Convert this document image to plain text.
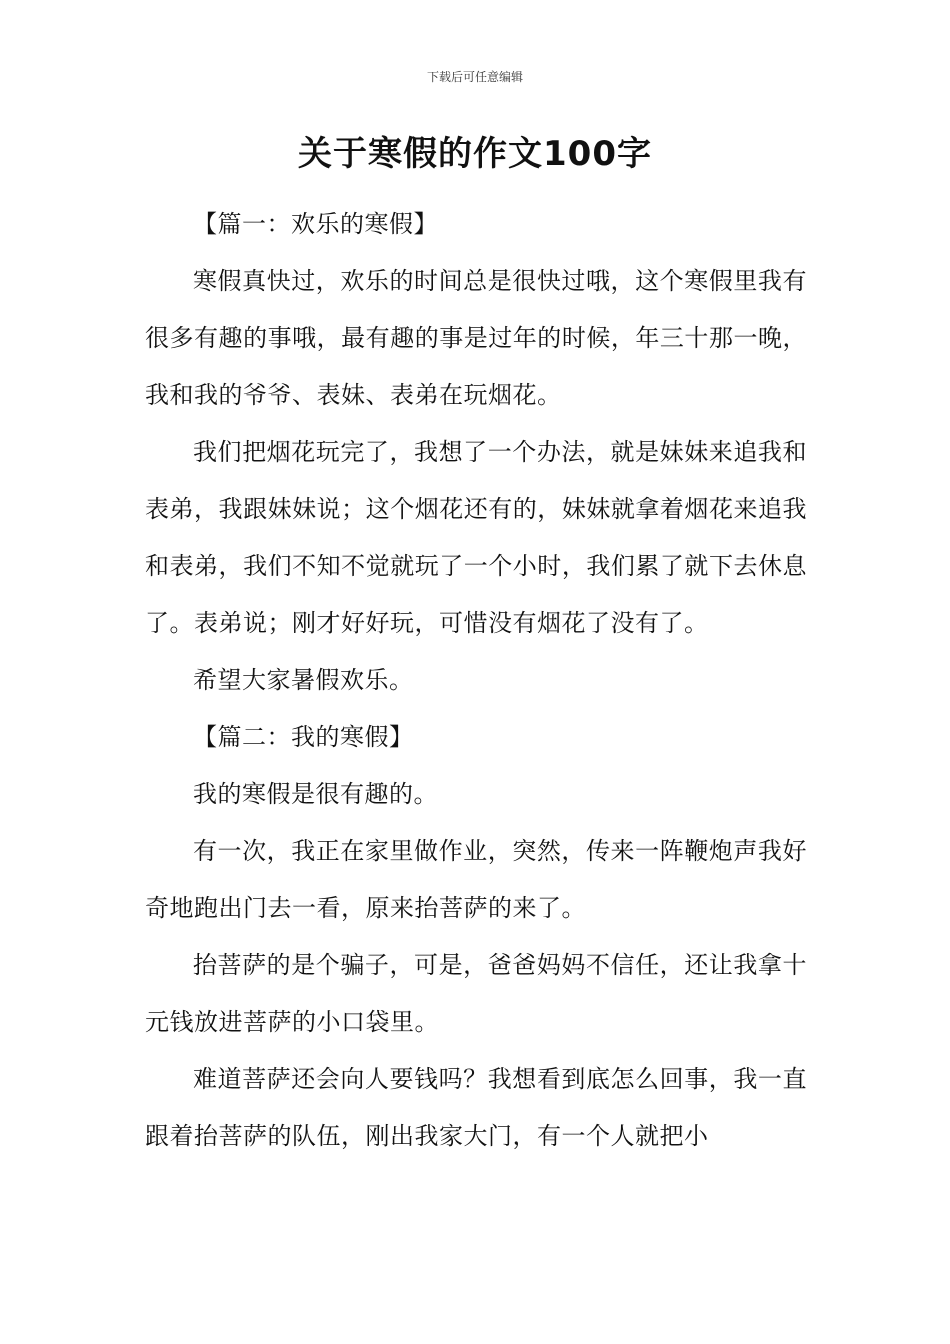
下载后可任意编辑
关于寒假的作文100字

【篇一：欢乐的寒假】

寒假真快过，欢乐的时间总是很快过哦，这个寒假里我有很多有趣的事哦，最有趣的事是过年的时候，年三十那一晚，我和我的爷爷、表妹、表弟在玩烟花。

我们把烟花玩完了，我想了一个办法，就是妹妹来追我和表弟，我跟妹妹说；这个烟花还有的，妹妹就拿着烟花来追我和表弟，我们不知不觉就玩了一个小时，我们累了就下去休息了。表弟说；刚才好好玩，可惜没有烟花了没有了。

希望大家暑假欢乐。

【篇二：我的寒假】

我的寒假是很有趣的。

有一次，我正在家里做作业，突然，传来一阵鞭炮声我好奇地跑出门去一看，原来抬菩萨的来了。

抬菩萨的是个骗子，可是，爸爸妈妈不信任，还让我拿十元钱放进菩萨的小口袋里。

难道菩萨还会向人要钱吗？我想看到底怎么回事，我一直跟着抬菩萨的队伍，刚出我家大门，有一个人就把小
